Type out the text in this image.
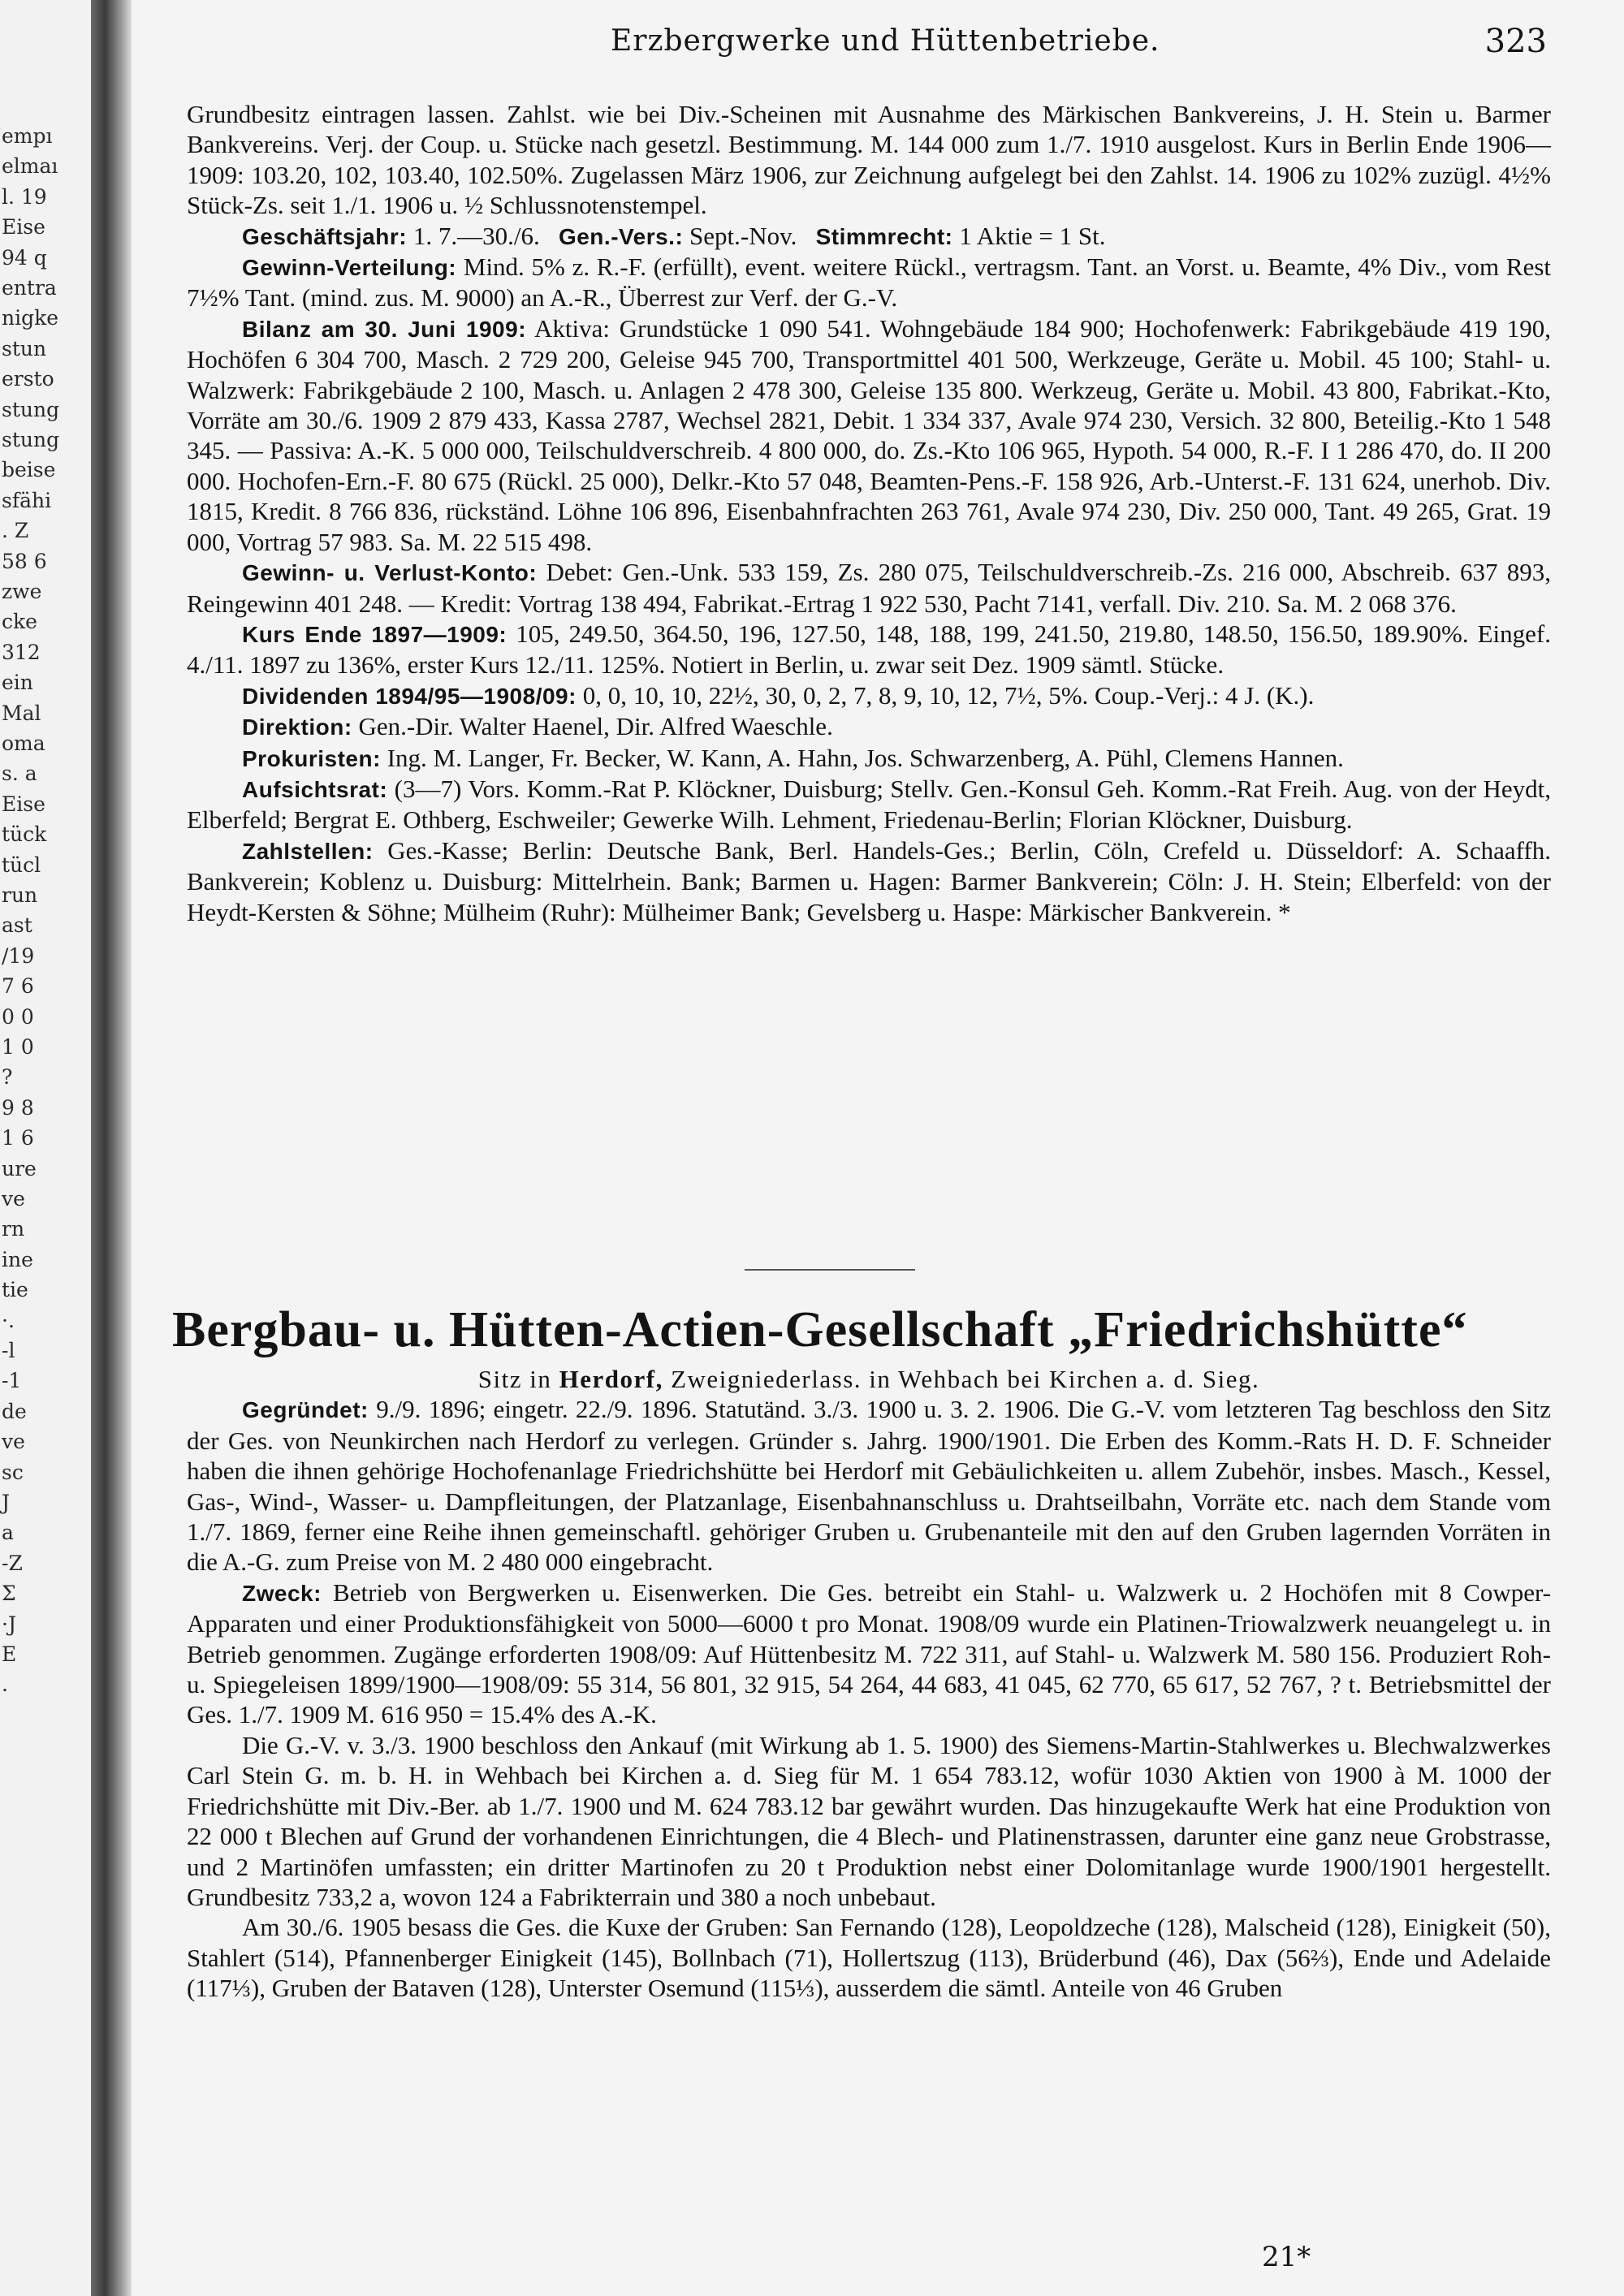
empı
elmaı
l. 19
Eise
94 q
entra
nigke
stun
ersto
stung
stung
beise
sfähi
. Z
58 6
zwe
cke
312
ein
Mal
oma
s. a
Eise
tück
tücl
run
ast
/19
7 6
0 0
1 0
?
9 8
1 6
ure
ve
rn
ine
tie
·.
-l
-1
de
ve
sc
J
a
-Z
Σ
·J
E
.
Erzbergwerke und Hüttenbetriebe.	323

Grundbesitz eintragen lassen. Zahlst. wie bei Div.-Scheinen mit Ausnahme des Märkischen Bankvereins, J. H. Stein u. Barmer Bankvereins. Verj. der Coup. u. Stücke nach gesetzl. Bestimmung. M. 144 000 zum 1./7. 1910 ausgelost. Kurs in Berlin Ende 1906—1909: 103.20, 102, 103.40, 102.50%. Zugelassen März 1906, zur Zeichnung aufgelegt bei den Zahlst. 14. 1906 zu 102% zuzügl. 4½% Stück-Zs. seit 1./1. 1906 u. ½ Schlussnotenstempel.

Geschäftsjahr: 1. 7.—30./6. Gen.-Vers.: Sept.-Nov. Stimmrecht: 1 Aktie = 1 St.

Gewinn-Verteilung: Mind. 5% z. R.-F. (erfüllt), event. weitere Rückl., vertragsm. Tant. an Vorst. u. Beamte, 4% Div., vom Rest 7½% Tant. (mind. zus. M. 9000) an A.-R., Überrest zur Verf. der G.-V.

Bilanz am 30. Juni 1909: Aktiva: Grundstücke 1 090 541. Wohngebäude 184 900; Hochofenwerk: Fabrikgebäude 419 190, Hochöfen 6 304 700, Masch. 2 729 200, Geleise 945 700, Transportmittel 401 500, Werkzeuge, Geräte u. Mobil. 45 100; Stahl- u. Walzwerk: Fabrikgebäude 2 100, Masch. u. Anlagen 2 478 300, Geleise 135 800. Werkzeug, Geräte u. Mobil. 43 800, Fabrikat.-Kto, Vorräte am 30./6. 1909 2 879 433, Kassa 2787, Wechsel 2821, Debit. 1 334 337, Avale 974 230, Versich. 32 800, Beteilig.-Kto 1 548 345. — Passiva: A.-K. 5 000 000, Teilschuldverschreib. 4 800 000, do. Zs.-Kto 106 965, Hypoth. 54 000, R.-F. I 1 286 470, do. II 200 000. Hochofen-Ern.-F. 80 675 (Rückl. 25 000), Delkr.-Kto 57 048, Beamten-Pens.-F. 158 926, Arb.-Unterst.-F. 131 624, unerhob. Div. 1815, Kredit. 8 766 836, rückständ. Löhne 106 896, Eisenbahnfrachten 263 761, Avale 974 230, Div. 250 000, Tant. 49 265, Grat. 19 000, Vortrag 57 983. Sa. M. 22 515 498.

Gewinn- u. Verlust-Konto: Debet: Gen.-Unk. 533 159, Zs. 280 075, Teilschuldverschreib.-Zs. 216 000, Abschreib. 637 893, Reingewinn 401 248. — Kredit: Vortrag 138 494, Fabrikat.-Ertrag 1 922 530, Pacht 7141, verfall. Div. 210. Sa. M. 2 068 376.

Kurs Ende 1897—1909: 105, 249.50, 364.50, 196, 127.50, 148, 188, 199, 241.50, 219.80, 148.50, 156.50, 189.90%. Eingef. 4./11. 1897 zu 136%, erster Kurs 12./11. 125%. Notiert in Berlin, u. zwar seit Dez. 1909 sämtl. Stücke.

Dividenden 1894/95—1908/09: 0, 0, 10, 10, 22½, 30, 0, 2, 7, 8, 9, 10, 12, 7½, 5%. Coup.-Verj.: 4 J. (K.).

Direktion: Gen.-Dir. Walter Haenel, Dir. Alfred Waeschle.

Prokuristen: Ing. M. Langer, Fr. Becker, W. Kann, A. Hahn, Jos. Schwarzenberg, A. Pühl, Clemens Hannen.

Aufsichtsrat: (3—7) Vors. Komm.-Rat P. Klöckner, Duisburg; Stellv. Gen.-Konsul Geh. Komm.-Rat Freih. Aug. von der Heydt, Elberfeld; Bergrat E. Othberg, Eschweiler; Gewerke Wilh. Lehment, Friedenau-Berlin; Florian Klöckner, Duisburg.

Zahlstellen: Ges.-Kasse; Berlin: Deutsche Bank, Berl. Handels-Ges.; Berlin, Cöln, Crefeld u. Düsseldorf: A. Schaaffh. Bankverein; Koblenz u. Duisburg: Mittelrhein. Bank; Barmen u. Hagen: Barmer Bankverein; Cöln: J. H. Stein; Elberfeld: von der Heydt-Kersten & Söhne; Mülheim (Ruhr): Mülheimer Bank; Gevelsberg u. Haspe: Märkischer Bankverein. *

Bergbau- u. Hütten-Actien-Gesellschaft „Friedrichshütte“

Sitz in Herdorf, Zweigniederlass. in Wehbach bei Kirchen a. d. Sieg.

Gegründet: 9./9. 1896; eingetr. 22./9. 1896. Statutänd. 3./3. 1900 u. 3. 2. 1906. Die G.-V. vom letzteren Tag beschloss den Sitz der Ges. von Neunkirchen nach Herdorf zu verlegen. Gründer s. Jahrg. 1900/1901. Die Erben des Komm.-Rats H. D. F. Schneider haben die ihnen gehörige Hochofenanlage Friedrichshütte bei Herdorf mit Gebäulichkeiten u. allem Zubehör, insbes. Masch., Kessel, Gas-, Wind-, Wasser- u. Dampfleitungen, der Platzanlage, Eisenbahnanschluss u. Drahtseilbahn, Vorräte etc. nach dem Stande vom 1./7. 1869, ferner eine Reihe ihnen gemeinschaftl. gehöriger Gruben u. Grubenanteile mit den auf den Gruben lagernden Vorräten in die A.-G. zum Preise von M. 2 480 000 eingebracht.

Zweck: Betrieb von Bergwerken u. Eisenwerken. Die Ges. betreibt ein Stahl- u. Walzwerk u. 2 Hochöfen mit 8 Cowper-Apparaten und einer Produktionsfähigkeit von 5000—6000 t pro Monat. 1908/09 wurde ein Platinen-Triowalzwerk neuangelegt u. in Betrieb genommen. Zugänge erforderten 1908/09: Auf Hüttenbesitz M. 722 311, auf Stahl- u. Walzwerk M. 580 156. Produziert Roh- u. Spiegeleisen 1899/1900—1908/09: 55 314, 56 801, 32 915, 54 264, 44 683, 41 045, 62 770, 65 617, 52 767, ? t. Betriebsmittel der Ges. 1./7. 1909 M. 616 950 = 15.4% des A.-K.

Die G.-V. v. 3./3. 1900 beschloss den Ankauf (mit Wirkung ab 1. 5. 1900) des Siemens-Martin-Stahlwerkes u. Blechwalzwerkes Carl Stein G. m. b. H. in Wehbach bei Kirchen a. d. Sieg für M. 1 654 783.12, wofür 1030 Aktien von 1900 à M. 1000 der Friedrichshütte mit Div.-Ber. ab 1./7. 1900 und M. 624 783.12 bar gewährt wurden. Das hinzugekaufte Werk hat eine Produktion von 22 000 t Blechen auf Grund der vorhandenen Einrichtungen, die 4 Blech- und Platinenstrassen, darunter eine ganz neue Grobstrasse, und 2 Martinöfen umfassten; ein dritter Martinofen zu 20 t Produktion nebst einer Dolomitanlage wurde 1900/1901 hergestellt. Grundbesitz 733,2 a, wovon 124 a Fabrikterrain und 380 a noch unbebaut.

Am 30./6. 1905 besass die Ges. die Kuxe der Gruben: San Fernando (128), Leopoldzeche (128), Malscheid (128), Einigkeit (50), Stahlert (514), Pfannenberger Einigkeit (145), Bollnbach (71), Hollertszug (113), Brüderbund (46), Dax (56⅔), Ende und Adelaide (117⅓), Gruben der Bataven (128), Unterster Osemund (115⅓), ausserdem die sämtl. Anteile von 46 Gruben

21*
